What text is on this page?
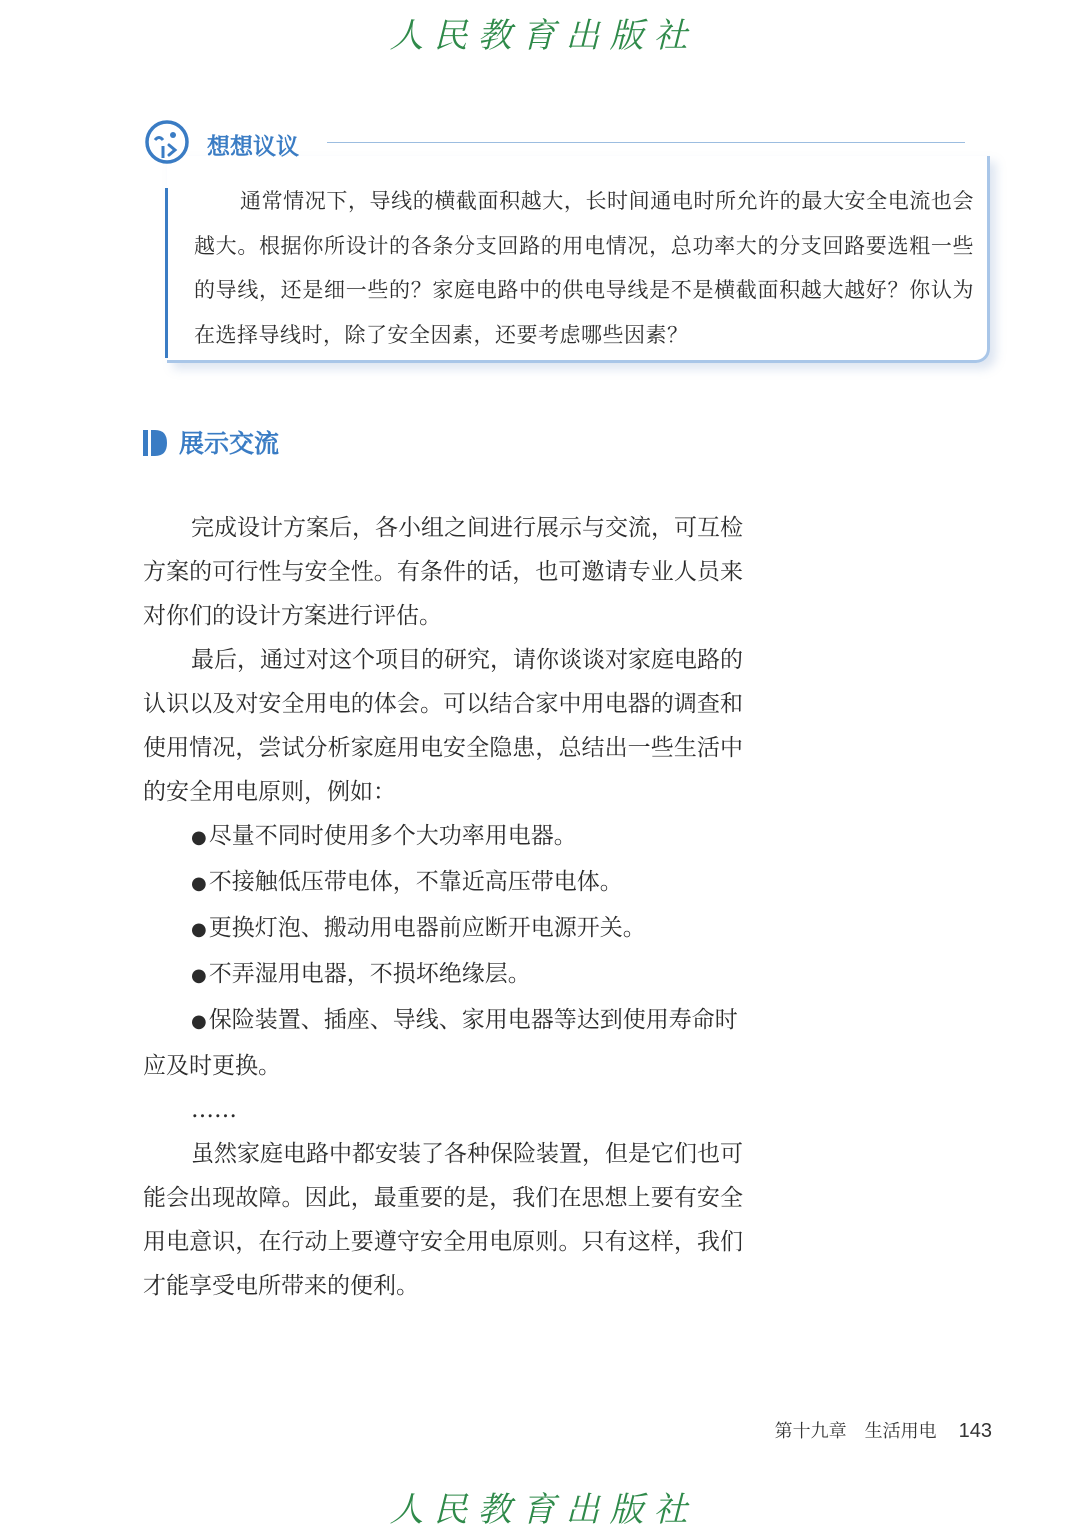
人民教育出版社
想想议议
通常情况下，导线的横截面积越大，长时间通电时所允许的最大安全电流也会越大。根据你所设计的各条分支回路的用电情况，总功率大的分支回路要选粗一些的导线，还是细一些的？家庭电路中的供电导线是不是横截面积越大越好？你认为在选择导线时，除了安全因素，还要考虑哪些因素？
展示交流

完成设计方案后，各小组之间进行展示与交流，可互检方案的可行性与安全性。有条件的话，也可邀请专业人员来对你们的设计方案进行评估。

最后，通过对这个项目的研究，请你谈谈对家庭电路的认识以及对安全用电的体会。可以结合家中用电器的调查和使用情况，尝试分析家庭用电安全隐患，总结出一些生活中的安全用电原则，例如：

●尽量不同时使用多个大功率用电器。

●不接触低压带电体，不靠近高压带电体。

●更换灯泡、搬动用电器前应断开电源开关。

●不弄湿用电器，不损坏绝缘层。

●保险装置、插座、导线、家用电器等达到使用寿命时应及时更换。

……

虽然家庭电路中都安装了各种保险装置，但是它们也可能会出现故障。因此，最重要的是，我们在思想上要有安全用电意识，在行动上要遵守安全用电原则。只有这样，我们才能享受电所带来的便利。

第十九章　生活用电 143
人民教育出版社
